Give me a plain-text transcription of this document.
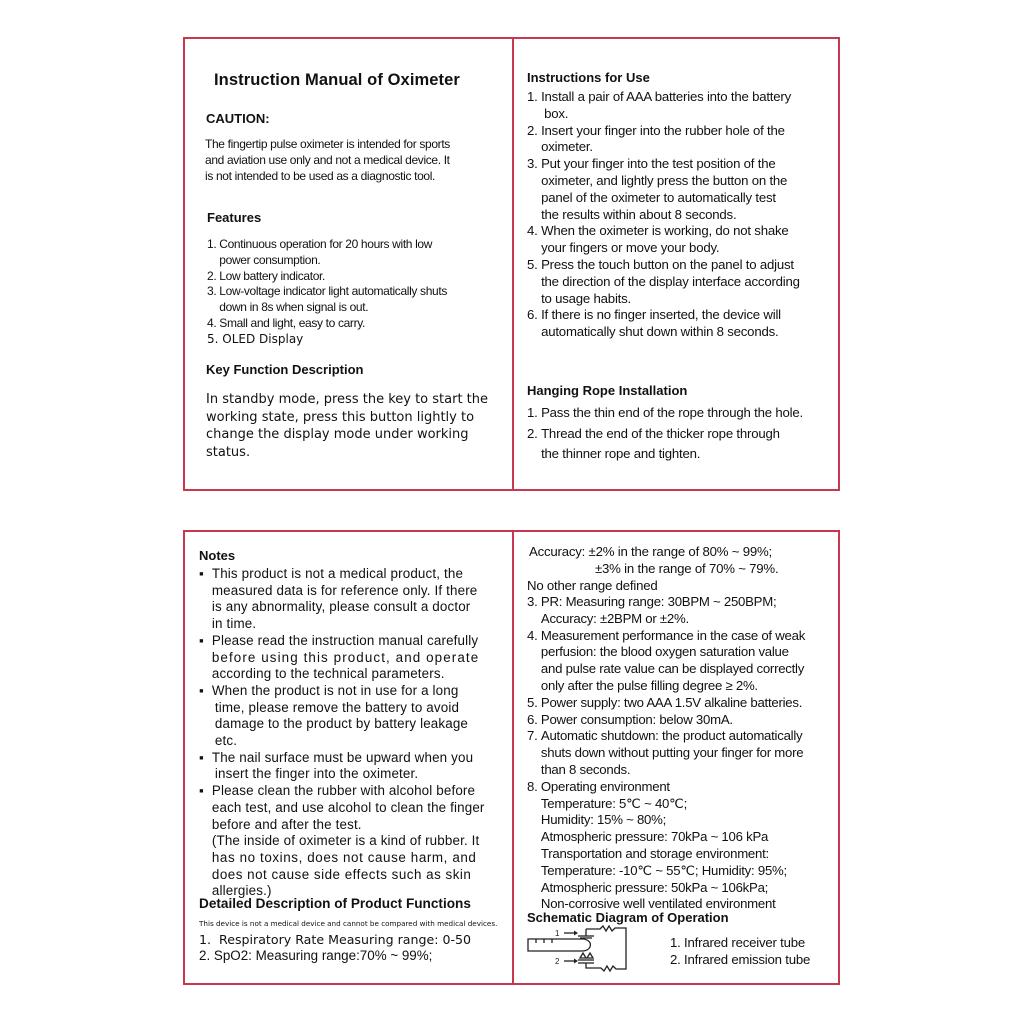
Instruction Manual of Oximeter
CAUTION:
The fingertip pulse oximeter is intended for sports
and aviation use only and not a medical device. It
is not intended to be used as a diagnostic tool.
Features
1.
Continuous operation for 20 hours with low
power consumption.
2.
Low battery indicator.
3.
Low-voltage indicator light automatically shuts
down in 8s when signal is out.
4.
Small and light, easy to carry.
5.
OLED Display
Key Function Description
In standby mode, press the key to start the
working state, press this button lightly to
change the display mode under working
status.
Instructions for Use
1.
Install a pair of AAA batteries into the battery
box.
2.
Insert your finger into the rubber hole of the
oximeter.
3.
Put your finger into the test position of the
oximeter, and lightly press the button on the
panel of the oximeter to automatically test
the results within about 8 seconds.
4.
When the oximeter is working, do not shake
your fingers or move your body.
5.
Press the touch button on the panel to adjust
the direction of the display interface according
to usage habits.
6.
If there is no finger inserted, the device will
automatically shut down within 8 seconds.
Hanging Rope Installation
1.
Pass the thin end of the rope through the hole.
2.
Thread the end of the thicker rope through
the thinner rope and tighten.
Notes
▪
This product is not a medical product, the
measured data is for reference only. If there
is any abnormality, please consult a doctor
in time.
▪
Please read the instruction manual carefully
before using this product, and operate
according to the technical parameters.
▪
When the product is not in use for a long
time, please remove the battery to avoid
damage to the product by battery leakage
etc.
▪
The nail surface must be upward when you
insert the finger into the oximeter.
▪
Please clean the rubber with alcohol before
each test, and use alcohol to clean the finger
before and after the test.
(The inside of oximeter is a kind of rubber. It
has no toxins, does not cause harm, and
does not cause side effects such as skin
allergies.)
Detailed Description of Product Functions
This device is not a medical device and cannot be compared with medical devices.
1. Respiratory Rate Measuring range: 0-50
2. SpO2: Measuring range:70% ~ 99%;
Accuracy: ±2% in the range of 80% ~ 99%;
±3% in the range of 70% ~ 79%.
No other range defined
3.
PR: Measuring range: 30BPM ~ 250BPM;
Accuracy: ±2BPM or ±2%.
4.
Measurement performance in the case of weak
perfusion: the blood oxygen saturation value
and pulse rate value can be displayed correctly
only after the pulse filling degree ≥ 2%.
5.
Power supply: two AAA 1.5V alkaline batteries.
6.
Power consumption: below 30mA.
7.
Automatic shutdown: the product automatically
shuts down without putting your finger for more
than 8 seconds.
8.
Operating environment
Temperature: 5℃ ~ 40℃;
Humidity: 15% ~ 80%;
Atmospheric pressure: 70kPa ~ 106 kPa
Transportation and storage environment:
Temperature: -10℃ ~ 55℃; Humidity: 95%;
Atmospheric pressure: 50kPa ~ 106kPa;
Non-corrosive well ventilated environment
Schematic Diagram of Operation
1
2
1. Infrared receiver tube
2. Infrared emission tube
